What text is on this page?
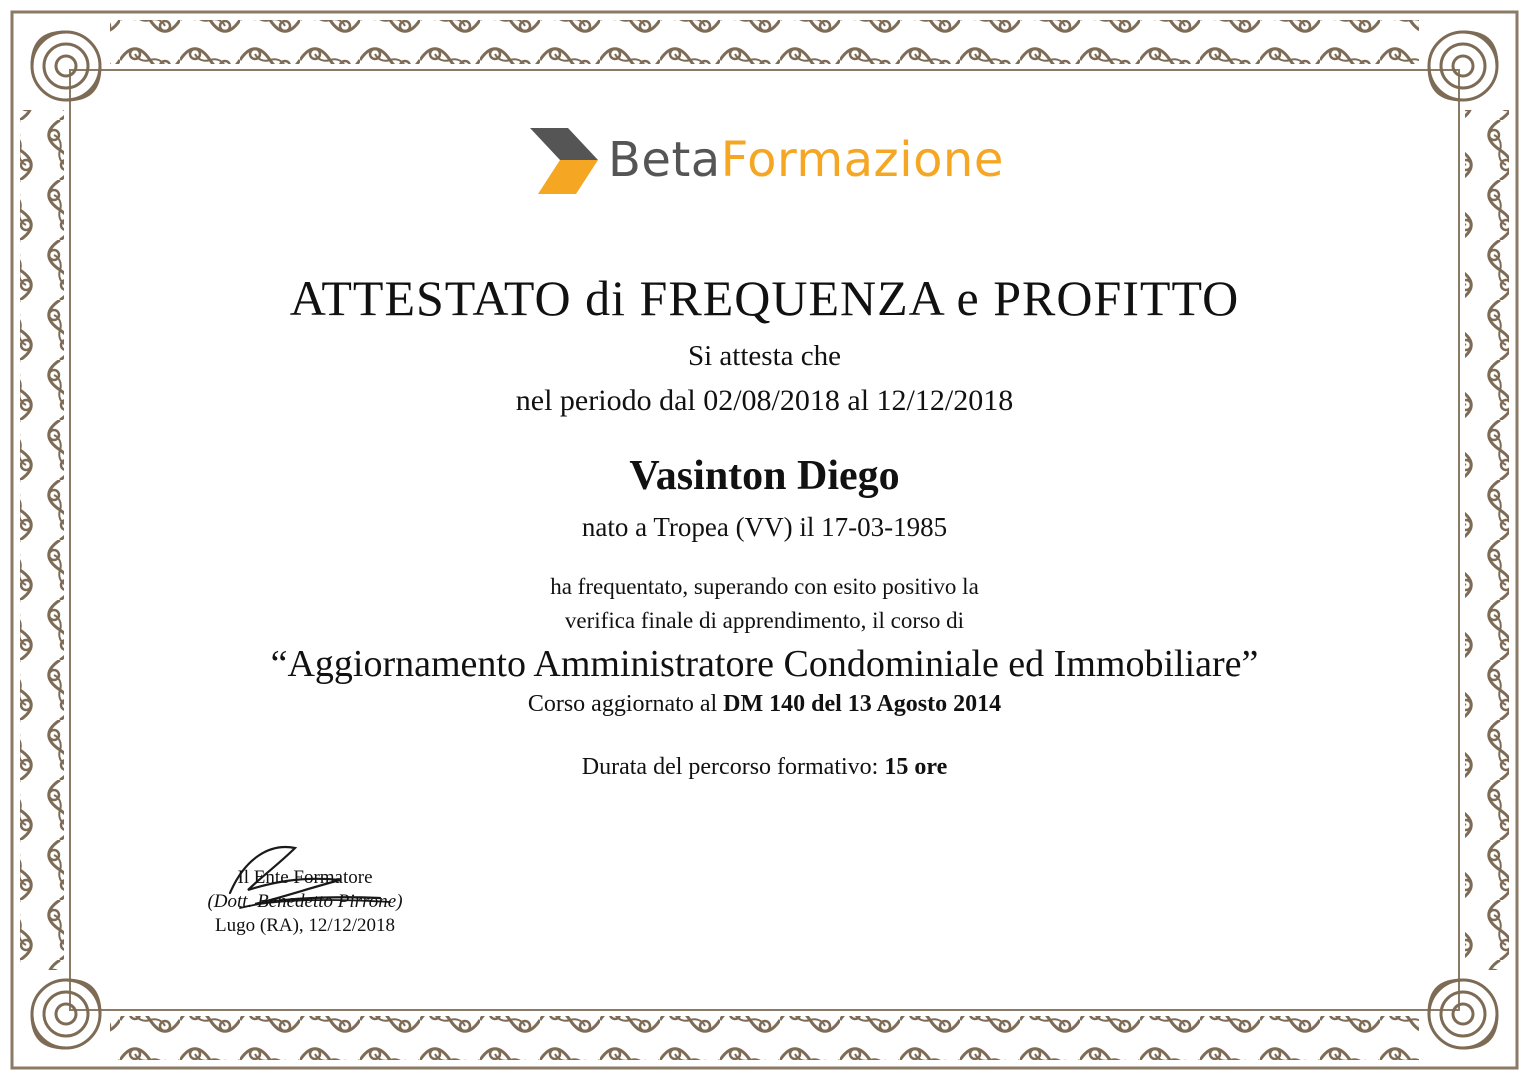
BetaFormazione
ATTESTATO di FREQUENZA e PROFITTO
Si attesta che
nel periodo dal 02/08/2018 al 12/12/2018
Vasinton Diego
nato a Tropea (VV) il 17-03-1985
ha frequentato, superando con esito positivo la
verifica finale di apprendimento, il corso di
“Aggiornamento Amministratore Condominiale ed Immobiliare”
Corso aggiornato al DM 140 del 13 Agosto 2014
Durata del percorso formativo: 15 ore
Il Ente Formatore
(Dott. Benedetto Pirrone)
Lugo (RA), 12/12/2018
